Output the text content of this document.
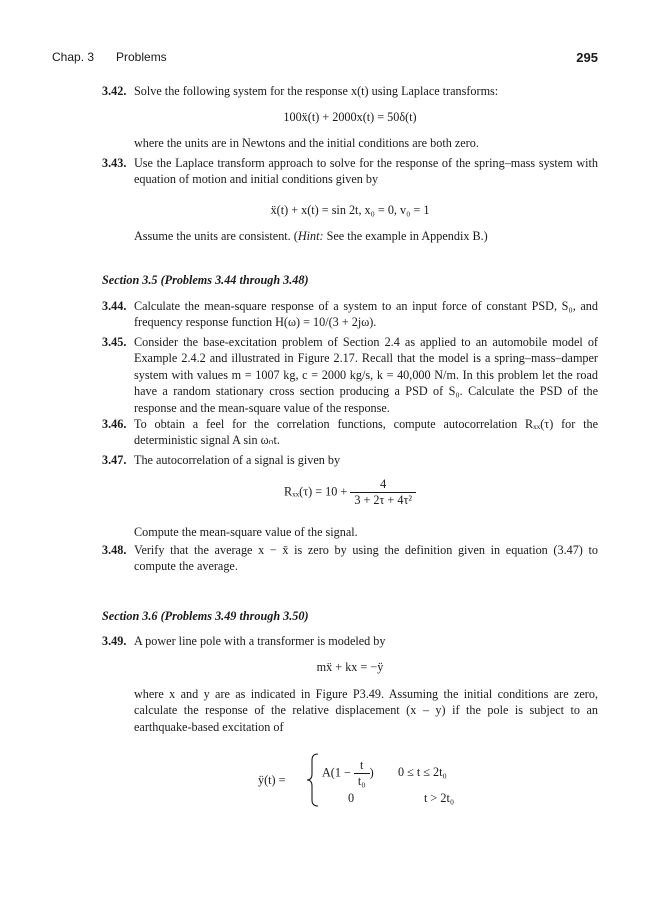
Chap. 3 Problems	295
3.42. Solve the following system for the response x(t) using Laplace transforms:
100ẍ(t) + 2000x(t) = 50δ(t)
where the units are in Newtons and the initial conditions are both zero.
3.43. Use the Laplace transform approach to solve for the response of the spring–mass system with equation of motion and initial conditions given by
ẍ(t) + x(t) = sin 2t, x₀ = 0, v₀ = 1
Assume the units are consistent. (Hint: See the example in Appendix B.)
Section 3.5 (Problems 3.44 through 3.48)
3.44. Calculate the mean-square response of a system to an input force of constant PSD, S₀, and frequency response function H(ω) = 10/(3 + 2jω).
3.45. Consider the base-excitation problem of Section 2.4 as applied to an automobile model of Example 2.4.2 and illustrated in Figure 2.17. Recall that the model is a spring–mass–damper system with values m = 1007 kg, c = 2000 kg/s, k = 40,000 N/m. In this problem let the road have a random stationary cross section producing a PSD of S₀. Calculate the PSD of the response and the mean-square value of the response.
3.46. To obtain a feel for the correlation functions, compute autocorrelation Rₓₓ(τ) for the deterministic signal A sin ωₙt.
3.47. The autocorrelation of a signal is given by
$R_{xx}(\tau) = 10 + \frac{4}{\text{3 + 2τ + 4τ²}}$
Compute the mean-square value of the signal.
3.48. Verify that the average x − x̄ is zero by using the definition given in equation (3.47) to compute the average.
Section 3.6 (Problems 3.49 through 3.50)
3.49. A power line pole with a transformer is modeled by
mẍ + kx = −ÿ
where x and y are as indicated in Figure P3.49. Assuming the initial conditions are zero, calculate the response of the relative displacement (x – y) if the pole is subject to an earthquake-based excitation of
ÿ(t) =
$A(1 - \frac{t}{\text{t₀}}$ ) 0 ≤ t ≤ 2t₀
0	t > 2t₀
